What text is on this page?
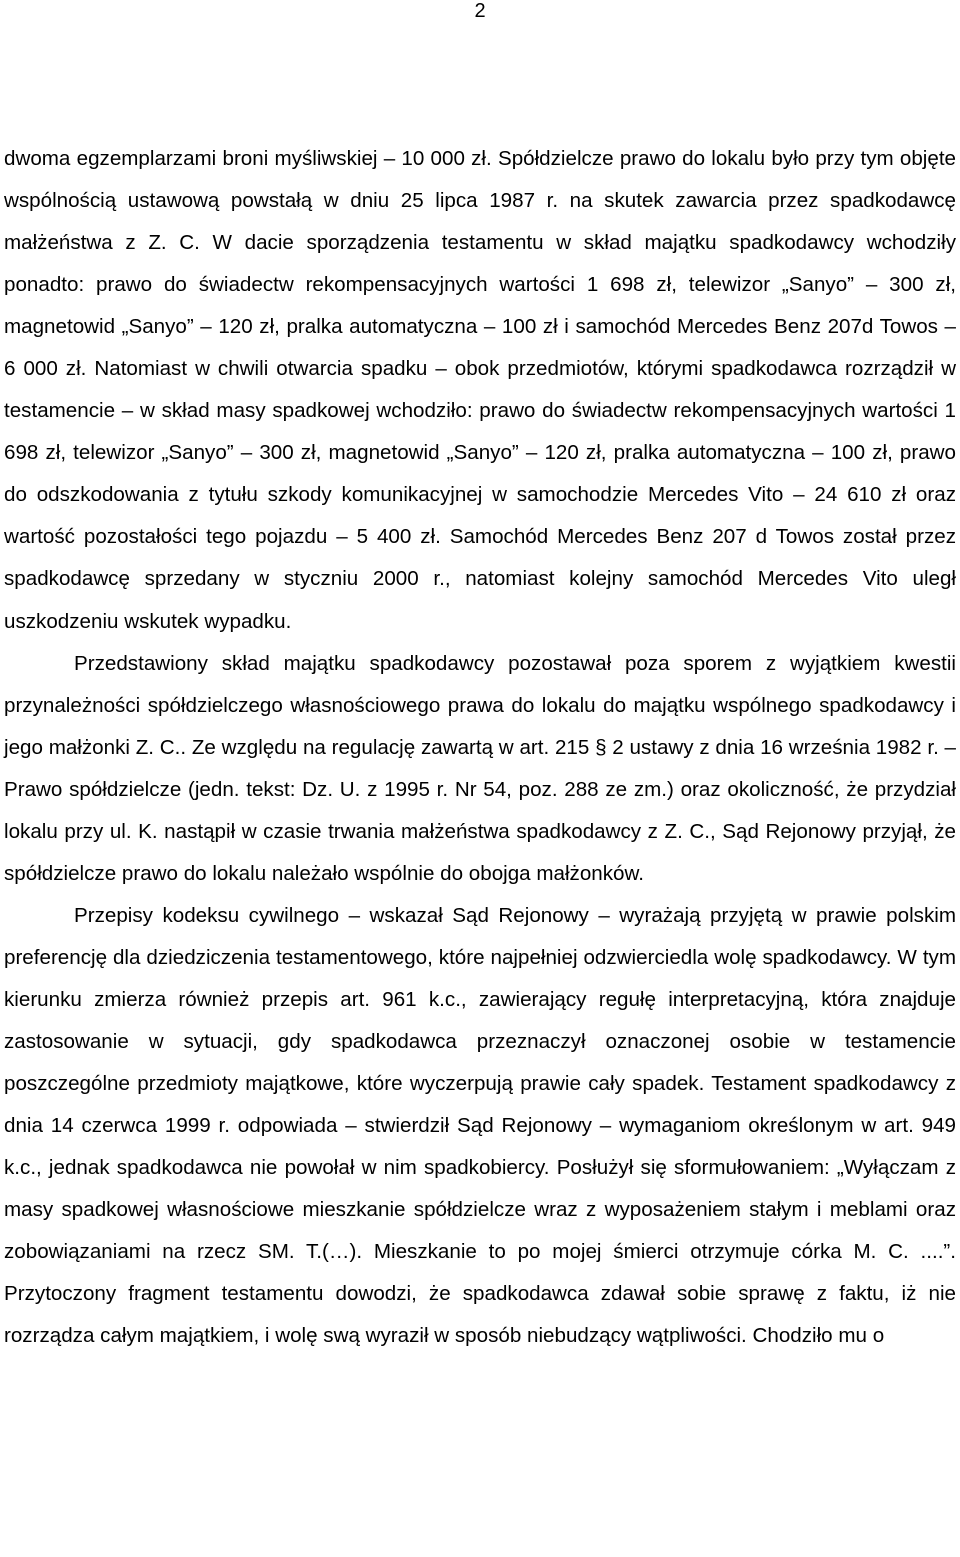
2

dwoma egzemplarzami broni myśliwskiej – 10 000 zł. Spółdzielcze prawo do lokalu było przy tym objęte wspólnością ustawową powstałą w dniu 25 lipca 1987 r. na skutek zawarcia przez spadkodawcę małżeństwa z Z. C. W dacie sporządzenia testamentu w skład majątku spadkodawcy wchodziły ponadto: prawo do świadectw rekompensacyjnych wartości 1 698 zł, telewizor „Sanyo” – 300 zł, magnetowid „Sanyo” – 120 zł, pralka automatyczna – 100 zł i samochód Mercedes Benz 207d Towos – 6 000 zł. Natomiast w chwili otwarcia spadku – obok przedmiotów, którymi spadkodawca rozrządził w testamencie – w skład masy spadkowej wchodziło: prawo do świadectw rekompensacyjnych wartości 1 698 zł, telewizor „Sanyo” – 300 zł, magnetowid „Sanyo” – 120 zł, pralka automatyczna – 100 zł, prawo do odszkodowania z tytułu szkody komunikacyjnej w samochodzie Mercedes Vito – 24 610 zł oraz wartość pozostałości tego pojazdu – 5 400 zł. Samochód Mercedes Benz 207 d Towos został przez spadkodawcę sprzedany w styczniu 2000 r., natomiast kolejny samochód Mercedes Vito uległ uszkodzeniu wskutek wypadku.

Przedstawiony skład majątku spadkodawcy pozostawał poza sporem z wyjątkiem kwestii przynależności spółdzielczego własnościowego prawa do lokalu do majątku wspólnego spadkodawcy i jego małżonki Z. C.. Ze względu na regulację zawartą w art. 215 § 2 ustawy z dnia 16 września 1982 r. – Prawo spółdzielcze (jedn. tekst: Dz. U. z 1995 r. Nr 54, poz. 288 ze zm.) oraz okoliczność, że przydział lokalu przy ul. K. nastąpił w czasie trwania małżeństwa spadkodawcy z Z. C., Sąd Rejonowy przyjął, że spółdzielcze prawo do lokalu należało wspólnie do obojga małżonków.

Przepisy kodeksu cywilnego – wskazał Sąd Rejonowy – wyrażają przyjętą w prawie polskim preferencję dla dziedziczenia testamentowego, które najpełniej odzwierciedla wolę spadkodawcy. W tym kierunku zmierza również przepis art. 961 k.c., zawierający regułę interpretacyjną, która znajduje zastosowanie w sytuacji, gdy spadkodawca przeznaczył oznaczonej osobie w testamencie poszczególne przedmioty majątkowe, które wyczerpują prawie cały spadek. Testament spadkodawcy z dnia 14 czerwca 1999 r. odpowiada – stwierdził Sąd Rejonowy – wymaganiom określonym w art. 949 k.c., jednak spadkodawca nie powołał w nim spadkobiercy. Posłużył się sformułowaniem: „Wyłączam z masy spadkowej własnościowe mieszkanie spółdzielcze wraz z wyposażeniem stałym i meblami oraz zobowiązaniami na rzecz SM. T.(…). Mieszkanie to po mojej śmierci otrzymuje córka M. C. ....”. Przytoczony fragment testamentu dowodzi, że spadkodawca zdawał sobie sprawę z faktu, iż nie rozrządza całym majątkiem, i wolę swą wyraził w sposób niebudzący wątpliwości. Chodziło mu o
